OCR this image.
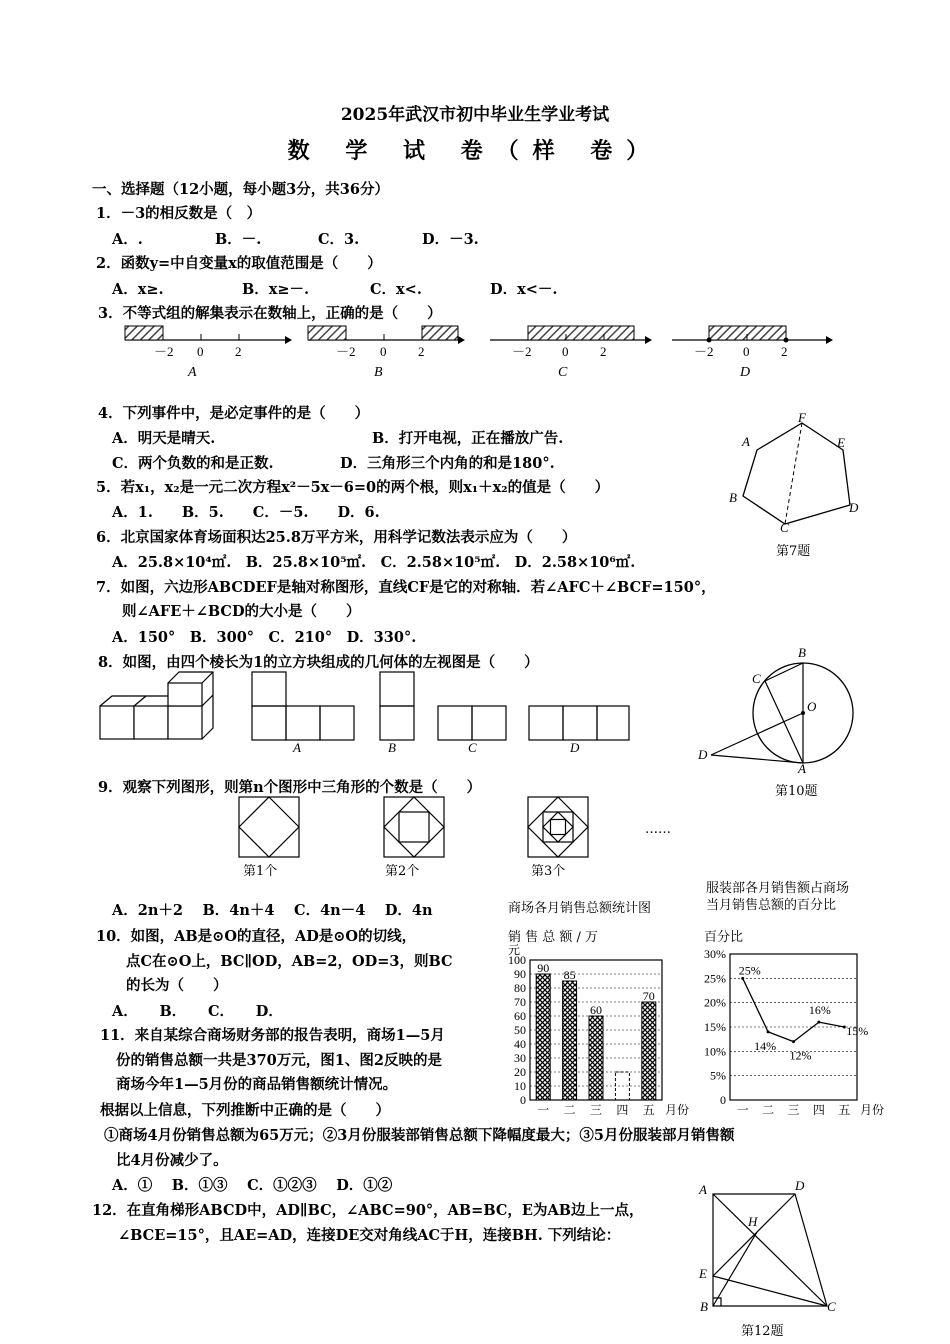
2025年武汉市初中毕业生学业考试
数 学 试 卷（样 卷）
一、选择题（12小题，每小题3分，共36分）
1．－3的相反数是（　）
A．.	B．－.	C．3.	D．－3.
2．函数y=中自变量x的取值范围是（　　）
A．x≥.	B．x≥－.	C．x<.	D．x<－.
3．不等式组的解集表示在数轴上，正确的是（　　）
－2 0 2
A
－2 0 2
B
－2 0 2
C
－2 0 2
D
4．下列事件中，是必定事件的是（　　）
A．明天是晴天.	B．打开电视，正在播放广告.
C．两个负数的和是正数.	D．三角形三个内角的和是180°.
A
F
E
B
D
C
第7题
5．若x₁，x₂是一元二次方程x²－5x－6=0的两个根，则x₁＋x₂的值是（　　）
A．1.　　B．5.　　C．－5.　　D．6.
6．北京国家体育场面积达25.8万平方米，用科学记数法表示应为（　　）
A．25.8×10⁴㎡.　B．25.8×10⁵㎡.　C．2.58×10⁵㎡.　D．2.58×10⁶㎡.
7．如图，六边形ABCDEF是轴对称图形，直线CF是它的对称轴．若∠AFC＋∠BCF=150°，
则∠AFE＋∠BCD的大小是（　　）
A．150°　B．300°　C．210°　D．330°.
8．如图，由四个棱长为1的立方块组成的几何体的左视图是（　　）
A	B	C	D
B
C
O
D
A
第10题
9．观察下列图形，则第n个图形中三角形的个数是（　　）
……
第1个	第2个	第3个
A．2n＋2　 B．4n＋4　 C．4n－4　 D．4n	商场各月销售总额统计图
服装部各月销售额占商场
当月销售总额的百分比
销 售 总 额 / 万	百分比
0
10
20
30
40
50
60
70
80
90
100
元
90
一
85
二
60
三 四
70
五 月份
0
5%
10%
15%
20%
25%
30%
25%
一
14%
二
12%
三
16%
四
15%
五 月份
10．如图，AB是⊙O的直径，AD是⊙O的切线，
点C在⊙O上，BC∥OD，AB=2，OD=3，则BC
的长为（　　）
A．　　B．　　C．　　D．
11．来自某综合商场财务部的报告表明，商场1—5月
份的销售总额一共是370万元，图1、图2反映的是
商场今年1—5月份的商品销售额统计情况。
根据以上信息，下列推断中正确的是（　　）
①商场4月份销售总额为65万元；②3月份服装部销售总额下降幅度最大；③5月份服装部月销售额
比4月份减少了。
A．①　 B．①③　 C．①②③　 D．①②
12．在直角梯形ABCD中，AD∥BC，∠ABC=90°，AB=BC，E为AB边上一点，
∠BCE=15°，且AE=AD，连接DE交对角线AC于H，连接BH. 下列结论：
A	D
H
E
B	C
第12题
